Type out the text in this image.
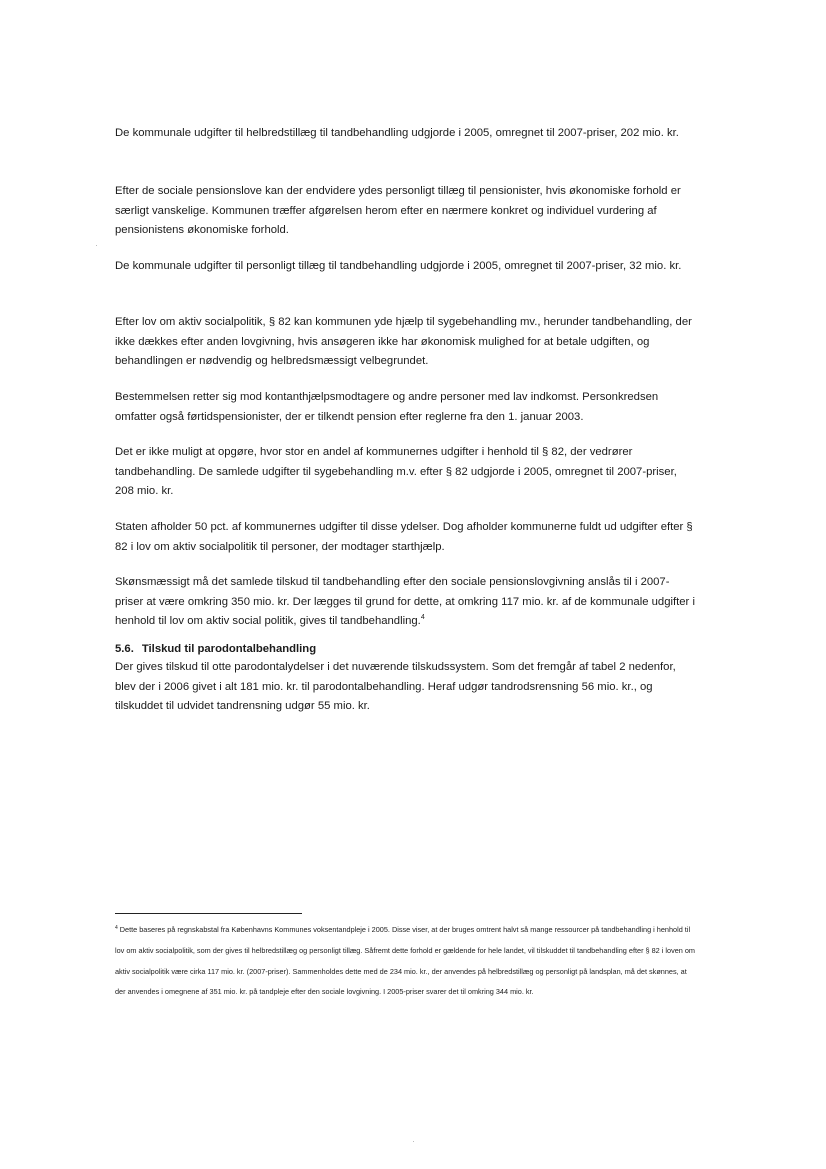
De kommunale udgifter til helbredstillæg til tandbehandling udgjorde i 2005, omregnet til 2007-priser, 202 mio. kr.

Efter de sociale pensionslove kan der endvidere ydes personligt tillæg til pensionister, hvis økonomiske forhold er særligt vanskelige. Kommunen træffer afgørelsen herom efter en nærmere konkret og individuel vurdering af pensionistens økonomiske forhold.

De kommunale udgifter til personligt tillæg til tandbehandling udgjorde i 2005, omregnet til 2007-priser, 32 mio. kr.

Efter lov om aktiv socialpolitik, § 82 kan kommunen yde hjælp til sygebehandling mv., herunder tandbehandling, der ikke dækkes efter anden lovgivning, hvis ansøgeren ikke har økonomisk mulighed for at betale udgiften, og behandlingen er nødvendig og helbredsmæssigt velbegrundet.

Bestemmelsen retter sig mod kontanthjælpsmodtagere og andre personer med lav indkomst. Personkredsen omfatter også førtidspensionister, der er tilkendt pension efter reglerne fra den 1. januar 2003.

Det er ikke muligt at opgøre, hvor stor en andel af kommunernes udgifter i henhold til § 82, der vedrører tandbehandling. De samlede udgifter til sygebehandling m.v. efter § 82 udgjorde i 2005, omregnet til 2007-priser, 208 mio. kr.

Staten afholder 50 pct. af kommunernes udgifter til disse ydelser. Dog afholder kommunerne fuldt ud udgifter efter § 82 i lov om aktiv socialpolitik til personer, der modtager starthjælp.

Skønsmæssigt må det samlede tilskud til tandbehandling efter den sociale pensionslovgivning anslås til i 2007-priser at være omkring 350 mio. kr. Der lægges til grund for dette, at omkring 117 mio. kr. af de kommunale udgifter i henhold til lov om aktiv social politik, gives til tandbehandling.$^4$

5.6. Tilskud til parodontalbehandling

Der gives tilskud til otte parodontalydelser i det nuværende tilskudssystem. Som det fremgår af tabel 2 nedenfor, blev der i 2006 givet i alt 181 mio. kr. til parodontalbehandling. Heraf udgør tandrodsrensning 56 mio. kr., og tilskuddet til udvidet tandrensning udgør 55 mio. kr.

$^4$ Dette baseres på regnskabstal fra Københavns Kommunes voksentandpleje i 2005. Disse viser, at der bruges omtrent halvt så mange ressourcer på tandbehandling i henhold til lov om aktiv socialpolitik, som der gives til helbredstillæg og personligt tillæg. Såfremt dette forhold er gældende for hele landet, vil tilskuddet til tandbehandling efter § 82 i loven om aktiv socialpolitik være cirka 117 mio. kr. (2007-priser). Sammenholdes dette med de 234 mio. kr., der anvendes på helbredstillæg og personligt på landsplan, må det skønnes, at der anvendes i omegnene af 351 mio. kr. på tandpleje efter den sociale lovgivning. I 2005-priser svarer det til omkring 344 mio. kr.
